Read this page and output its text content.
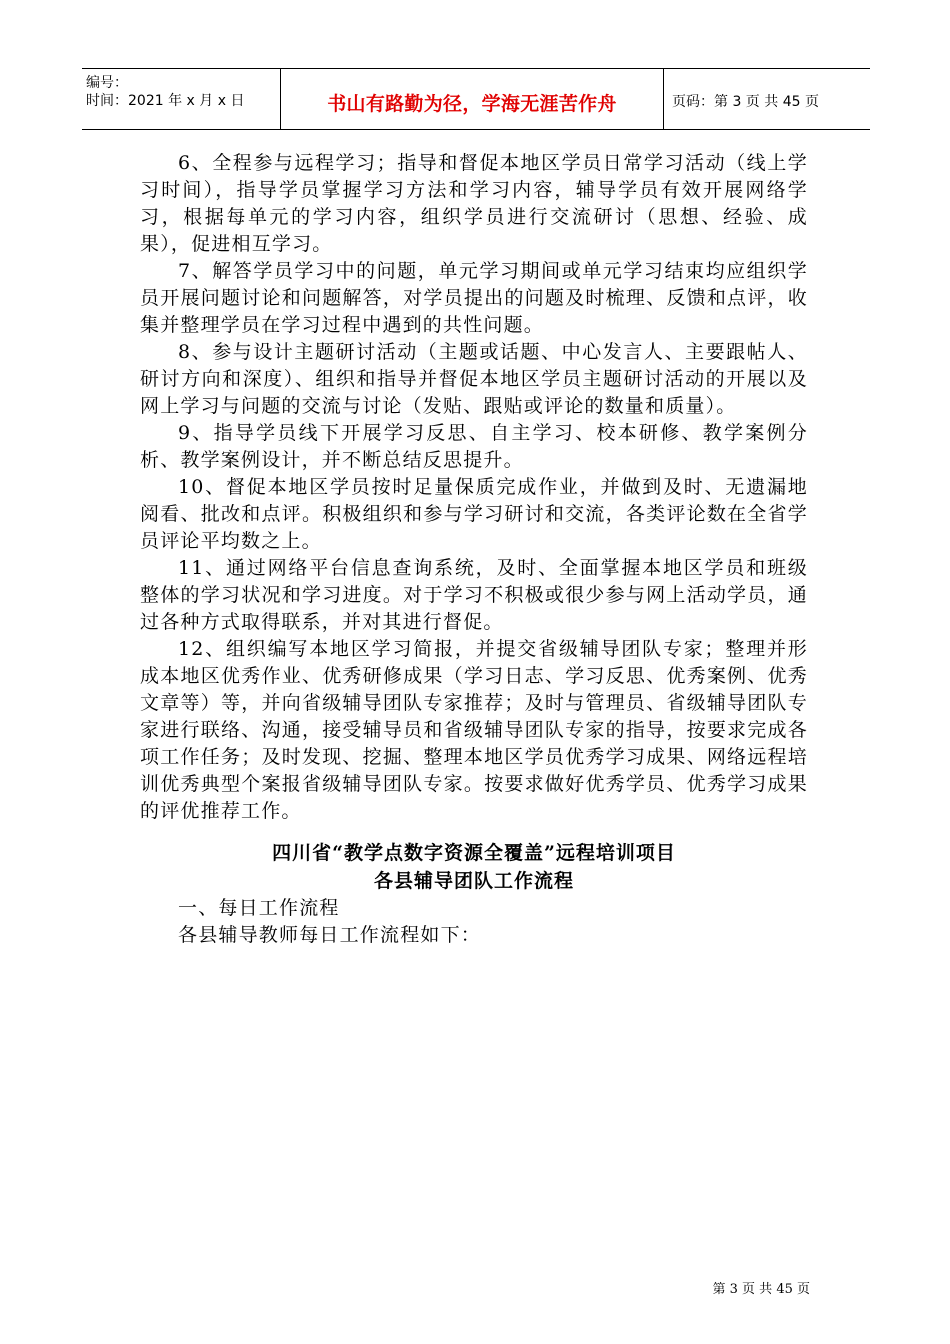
编号：
时间：2021 年 x 月 x 日	书山有路勤为径，学海无涯苦作舟	页码：第 3 页 共 45 页

6、全程参与远程学习；指导和督促本地区学员日常学习活动（线上学习时间），指导学员掌握学习方法和学习内容，辅导学员有效开展网络学习，根据每单元的学习内容，组织学员进行交流研讨（思想、经验、成果），促进相互学习。

7、解答学员学习中的问题，单元学习期间或单元学习结束均应组织学员开展问题讨论和问题解答，对学员提出的问题及时梳理、反馈和点评，收集并整理学员在学习过程中遇到的共性问题。

8、参与设计主题研讨活动（主题或话题、中心发言人、主要跟帖人、研讨方向和深度）、组织和指导并督促本地区学员主题研讨活动的开展以及网上学习与问题的交流与讨论（发贴、跟贴或评论的数量和质量）。

9、指导学员线下开展学习反思、自主学习、校本研修、教学案例分析、教学案例设计，并不断总结反思提升。

10、督促本地区学员按时足量保质完成作业，并做到及时、无遗漏地阅看、批改和点评。积极组织和参与学习研讨和交流，各类评论数在全省学员评论平均数之上。

11、通过网络平台信息查询系统，及时、全面掌握本地区学员和班级整体的学习状况和学习进度。对于学习不积极或很少参与网上活动学员，通过各种方式取得联系，并对其进行督促。

12、组织编写本地区学习简报，并提交省级辅导团队专家；整理并形成本地区优秀作业、优秀研修成果（学习日志、学习反思、优秀案例、优秀文章等）等，并向省级辅导团队专家推荐；及时与管理员、省级辅导团队专家进行联络、沟通，接受辅导员和省级辅导团队专家的指导，按要求完成各项工作任务；及时发现、挖掘、整理本地区学员优秀学习成果、网络远程培训优秀典型个案报省级辅导团队专家。按要求做好优秀学员、优秀学习成果的评优推荐工作。

四川省“教学点数字资源全覆盖”远程培训项目

各县辅导团队工作流程

一、每日工作流程

各县辅导教师每日工作流程如下：

第 3 页 共 45 页
